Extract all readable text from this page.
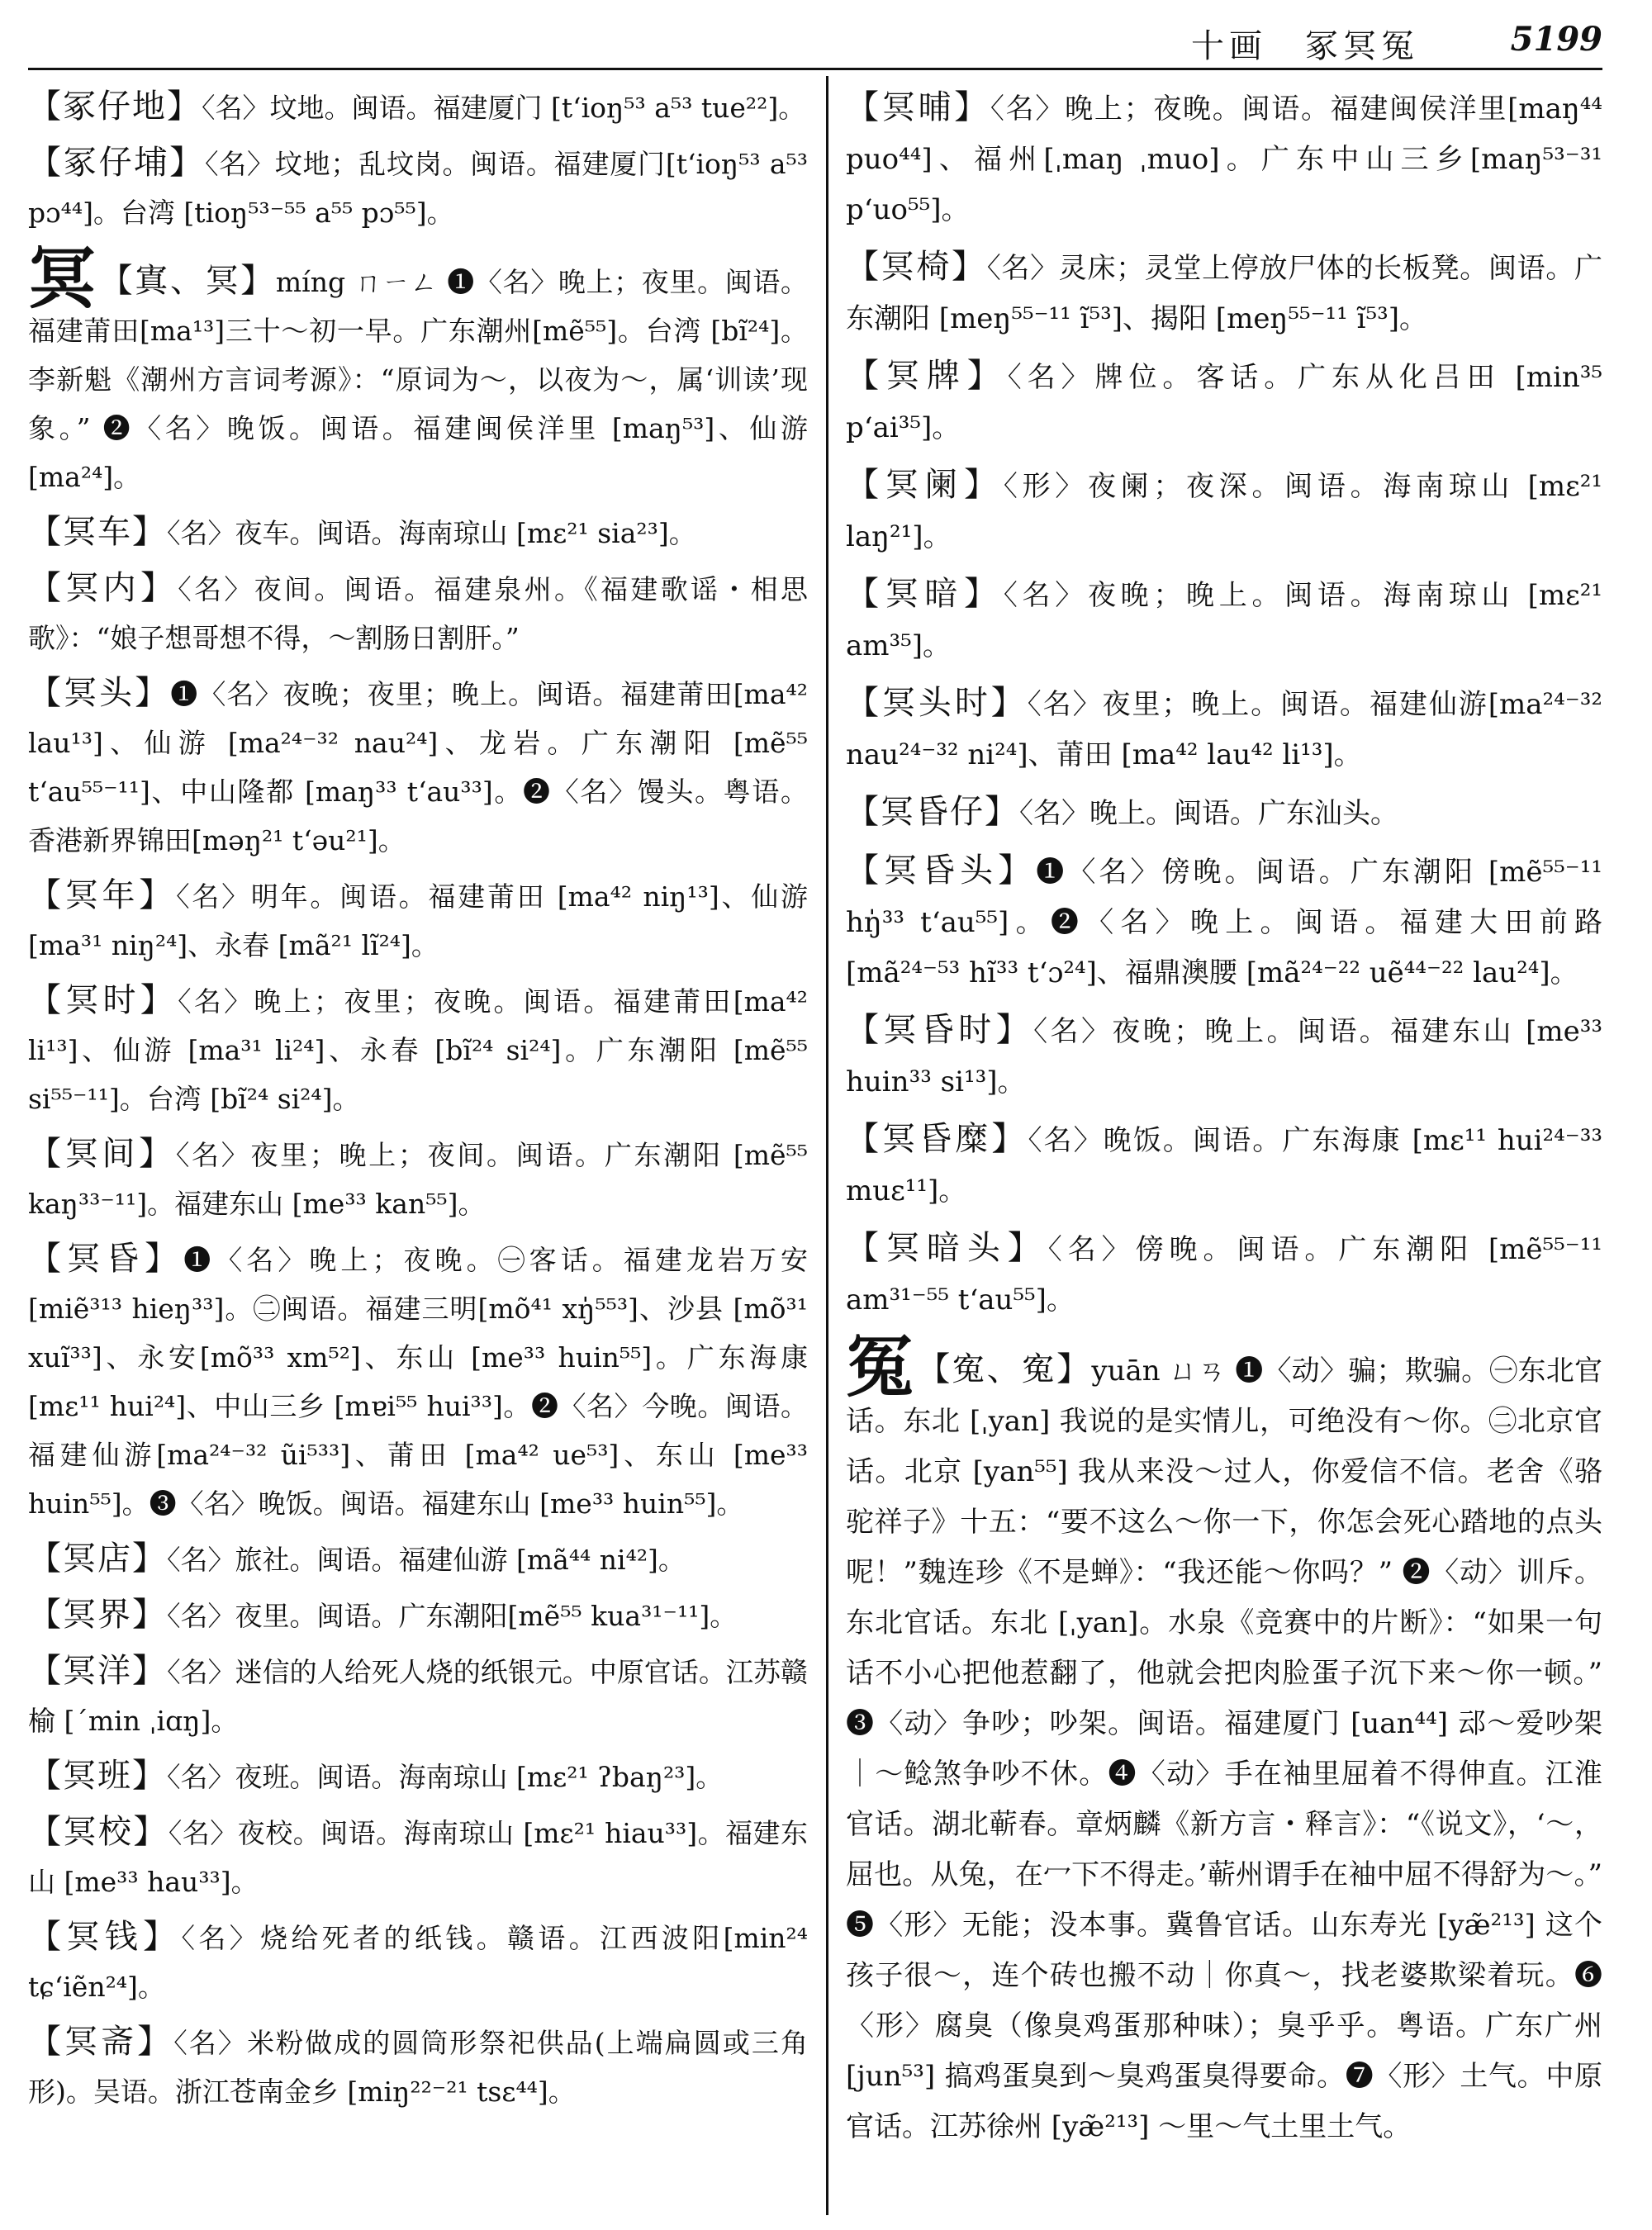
十画　冢冥冤	5199
【冢仔地】〈名〉坟地。闽语。福建厦门 [t‘ioŋ⁵³ a⁵³ tue²²]。
【冢仔埔】〈名〉坟地；乱坟岗。闽语。福建厦门[t‘ioŋ⁵³ a⁵³ pɔ⁴⁴]。台湾 [tioŋ⁵³⁻⁵⁵ a⁵⁵ pɔ⁵⁵]。
冥 【寘、冥】míng ㄇㄧㄥ ❶〈名〉晚上；夜里。闽语。福建莆田[ma¹³]三十～初一早。广东潮州[mẽ⁵⁵]。台湾 [bĩ²⁴]。李新魁《潮州方言词考源》：“原词为～，以夜为～，属‘训读’现象。” ❷〈名〉晚饭。闽语。福建闽侯洋里 [maŋ⁵³]、仙游 [ma²⁴]。
【冥车】〈名〉夜车。闽语。海南琼山 [mɛ²¹ sia²³]。
【冥内】〈名〉夜间。闽语。福建泉州。《福建歌谣・相思歌》：“娘子想哥想不得，～割肠日割肝。”
【冥头】❶〈名〉夜晚；夜里；晚上。闽语。福建莆田[ma⁴² lau¹³]、仙游 [ma²⁴⁻³² nau²⁴]、龙岩。广东潮阳 [mẽ⁵⁵ t‘au⁵⁵⁻¹¹]、中山隆都 [maŋ³³ t‘au³³]。❷〈名〉馒头。粤语。香港新界锦田[məŋ²¹ t‘əu²¹]。
【冥年】〈名〉明年。闽语。福建莆田 [ma⁴² niŋ¹³]、仙游 [ma³¹ niŋ²⁴]、永春 [mã²¹ lĩ²⁴]。
【冥时】〈名〉晚上；夜里；夜晚。闽语。福建莆田[ma⁴² li¹³]、仙游 [ma³¹ li²⁴]、永春 [bĩ²⁴ si²⁴]。广东潮阳 [mẽ⁵⁵ si⁵⁵⁻¹¹]。台湾 [bĩ²⁴ si²⁴]。
【冥间】〈名〉夜里；晚上；夜间。闽语。广东潮阳 [mẽ⁵⁵ kaŋ³³⁻¹¹]。福建东山 [me³³ kan⁵⁵]。
【冥昏】❶〈名〉晚上；夜晚。㊀客话。福建龙岩万安 [miẽ³¹³ hieŋ³³]。㊁闽语。福建三明[mõ⁴¹ xŋ̍⁵⁵³]、沙县 [mõ³¹ xuĩ³³]、永安[mõ³³ xm⁵²]、东山 [me³³ huin⁵⁵]。广东海康[mɛ¹¹ hui²⁴]、中山三乡 [mɐi⁵⁵ hui³³]。❷〈名〉今晚。闽语。福建仙游[ma²⁴⁻³² ũi⁵³³]、莆田 [ma⁴² ue⁵³]、东山 [me³³ huin⁵⁵]。❸〈名〉晚饭。闽语。福建东山 [me³³ huin⁵⁵]。
【冥店】〈名〉旅社。闽语。福建仙游 [mã⁴⁴ ni⁴²]。
【冥界】〈名〉夜里。闽语。广东潮阳[mẽ⁵⁵ kua³¹⁻¹¹]。
【冥洋】〈名〉迷信的人给死人烧的纸银元。中原官话。江苏赣榆 [ˊmin ˌiɑŋ]。
【冥班】〈名〉夜班。闽语。海南琼山 [mɛ²¹ ʔbaŋ²³]。
【冥校】〈名〉夜校。闽语。海南琼山 [mɛ²¹ hiau³³]。福建东山 [me³³ hau³³]。
【冥钱】〈名〉烧给死者的纸钱。赣语。江西波阳[min²⁴ tɕ‘iẽn²⁴]。
【冥斋】〈名〉米粉做成的圆筒形祭祀供品(上端扁圆或三角形)。吴语。浙江苍南金乡 [miŋ²²⁻²¹ tsɛ⁴⁴]。
【冥晡】〈名〉晚上；夜晚。闽语。福建闽侯洋里[maŋ⁴⁴ puo⁴⁴]、福州[ˌmaŋ ˌmuo]。广东中山三乡[maŋ⁵³⁻³¹ p‘uo⁵⁵]。
【冥椅】〈名〉灵床；灵堂上停放尸体的长板凳。闽语。广东潮阳 [meŋ⁵⁵⁻¹¹ ĩ⁵³]、揭阳 [meŋ⁵⁵⁻¹¹ ĩ⁵³]。
【冥牌】〈名〉牌位。客话。广东从化吕田 [min³⁵ p‘ai³⁵]。
【冥阑】〈形〉夜阑；夜深。闽语。海南琼山 [mɛ²¹ laŋ²¹]。
【冥暗】〈名〉夜晚；晚上。闽语。海南琼山 [mɛ²¹ am³⁵]。
【冥头时】〈名〉夜里；晚上。闽语。福建仙游[ma²⁴⁻³² nau²⁴⁻³² ni²⁴]、莆田 [ma⁴² lau⁴² li¹³]。
【冥昏仔】〈名〉晚上。闽语。广东汕头。
【冥昏头】❶〈名〉傍晚。闽语。广东潮阳 [mẽ⁵⁵⁻¹¹ hŋ̍³³ t‘au⁵⁵]。❷〈名〉晚上。闽语。福建大田前路 [mã²⁴⁻⁵³ hĩ³³ t‘ɔ²⁴]、福鼎澳腰 [mã²⁴⁻²² uẽ⁴⁴⁻²² lau²⁴]。
【冥昏时】〈名〉夜晚；晚上。闽语。福建东山 [me³³ huin³³ si¹³]。
【冥昏糜】〈名〉晚饭。闽语。广东海康 [mɛ¹¹ hui²⁴⁻³³ muɛ¹¹]。
【冥暗头】〈名〉傍晚。闽语。广东潮阳 [mẽ⁵⁵⁻¹¹ am³¹⁻⁵⁵ t‘au⁵⁵]。
冤 【寃、寃】yuān ㄩㄢ ❶〈动〉骗；欺骗。㊀东北官话。东北 [ˌyan] 我说的是实情儿，可绝没有～你。㊁北京官话。北京 [yan⁵⁵] 我从来没～过人，你爱信不信。老舍《骆驼祥子》十五：“要不这么～你一下，你怎会死心踏地的点头呢！”魏连珍《不是蝉》：“我还能～你吗？” ❷〈动〉训斥。东北官话。东北 [ˌyan]。水泉《竞赛中的片断》：“如果一句话不小心把他惹翻了，他就会把肉脸蛋子沉下来～你一顿。” ❸〈动〉争吵；吵架。闽语。福建厦门 [uan⁴⁴] 䢵～爱吵架｜～鲶煞争吵不休。❹〈动〉手在袖里屈着不得伸直。江淮官话。湖北蕲春。章炳麟《新方言・释言》：“《说文》，‘～，屈也。从兔，在冖下不得走。’蕲州谓手在袖中屈不得舒为～。” ❺〈形〉无能；没本事。冀鲁官话。山东寿光 [yæ̃²¹³] 这个孩子很～，连个砖也搬不动｜你真～，找老婆欺梁着玩。❻〈形〉腐臭（像臭鸡蛋那种味）；臭乎乎。粤语。广东广州[jun⁵³] 搞鸡蛋臭到～臭鸡蛋臭得要命。❼〈形〉土气。中原官话。江苏徐州 [yæ̃²¹³] ～里～气土里土气。
